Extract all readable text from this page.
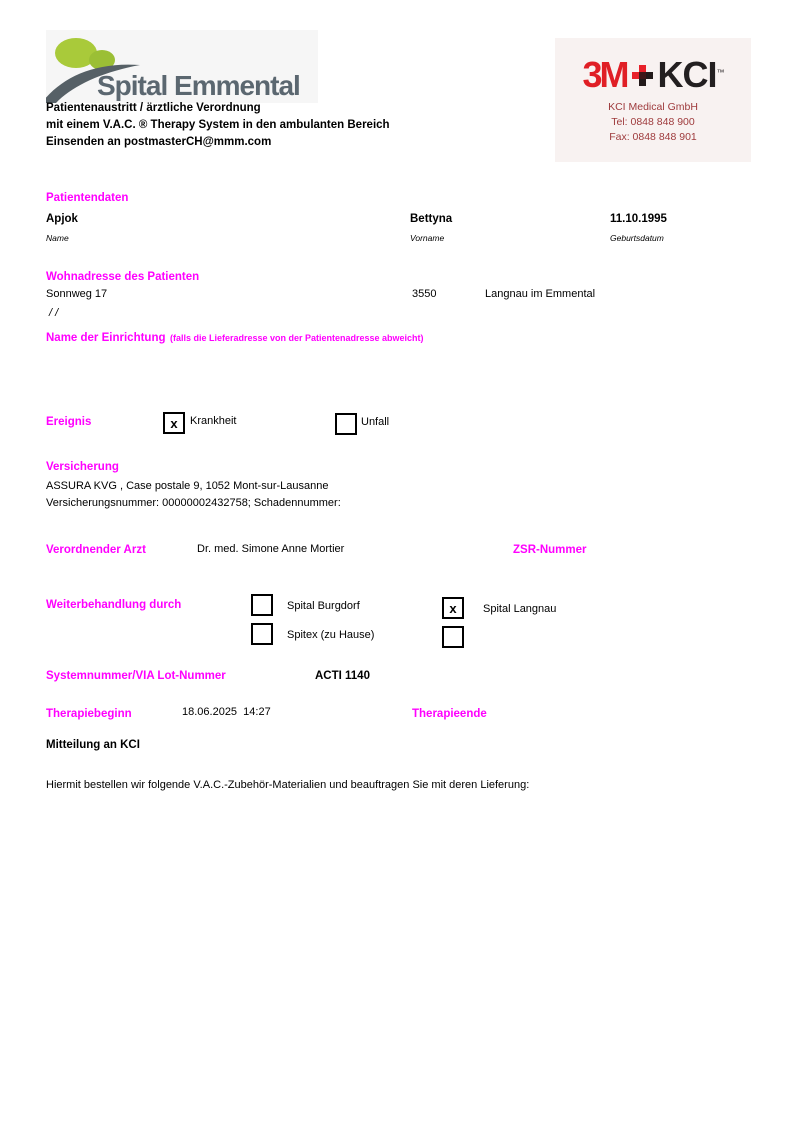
Spital Emmental	3M KCI™
KCI Medical GmbH
Tel: 0848 848 900
Fax: 0848 848 901
Patientenaustritt / ärztliche Verordnung
mit einem V.A.C. ® Therapy System in den ambulanten Bereich
Einsenden an postmasterCH@mmm.com
Patientendaten
Apjok	Bettyna	11.10.1995
Name	Vorname	Geburtsdatum
Wohnadresse des Patienten
Sonnweg 17	3550	Langnau im Emmental
/ /
Name der Einrichtung (falls die Lieferadresse von der Patientenadresse abweicht)
Ereignis	x Krankheit	Unfall
Versicherung
ASSURA KVG , Case postale 9, 1052 Mont-sur-Lausanne
Versicherungsnummer: 00000002432758; Schadennummer:
Verordnender Arzt	Dr. med. Simone Anne Mortier	ZSR-Nummer
Weiterbehandlung durch	Spital Burgdorf	x Spital Langnau
Spitex (zu Hause)
Systemnummer/VIA Lot-Nummer	ACTI 1140
Therapiebeginn	18.06.2025  14:27	Therapieende
Mitteilung an KCI
Hiermit bestellen wir folgende V.A.C.-Zubehör-Materialien und beauftragen Sie mit deren Lieferung:
